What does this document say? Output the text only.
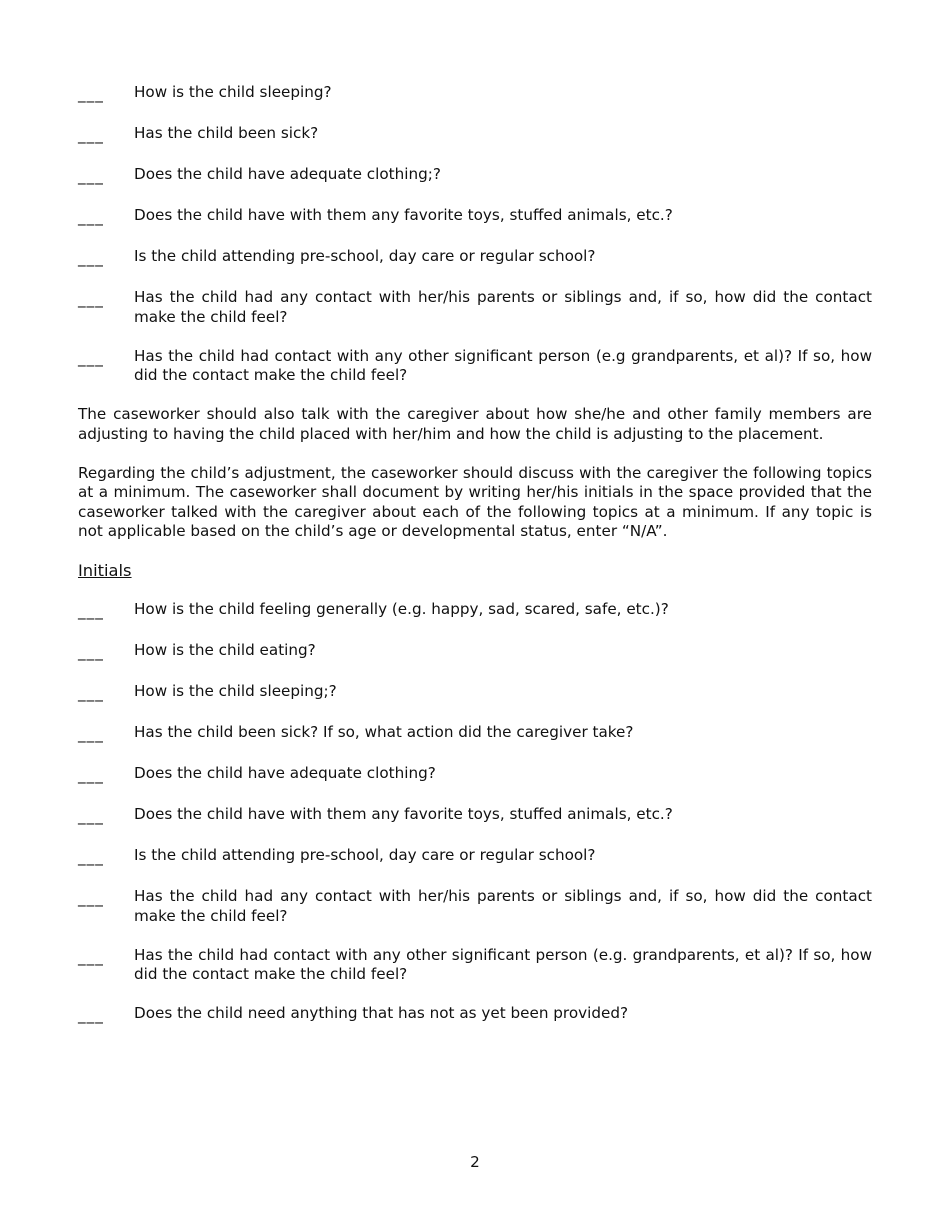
___	How is the child sleeping?
___	Has the child been sick?
___	Does the child have adequate clothing;?
___	Does the child have with them any favorite toys, stuffed animals, etc.?
___	Is the child attending pre-school, day care or regular school?
___	Has the child had any contact with her/his parents or siblings and, if so, how did the contact make the child feel?
___	Has the child had contact with any other significant person (e.g grandparents, et al)? If so, how did the contact make the child feel?

The caseworker should also talk with the caregiver about how she/he and other family members are adjusting to having the child placed with her/him and how the child is adjusting to the placement.

Regarding the child’s adjustment, the caseworker should discuss with the caregiver the following topics at a minimum. The caseworker shall document by writing her/his initials in the space provided that the caseworker talked with the caregiver about each of the following topics at a minimum. If any topic is not applicable based on the child’s age or developmental status, enter “N/A”.

Initials
___	How is the child feeling generally (e.g. happy, sad, scared, safe, etc.)?
___	How is the child eating?
___	How is the child sleeping;?
___	Has the child been sick? If so, what action did the caregiver take?
___	Does the child have adequate clothing?
___	Does the child have with them any favorite toys, stuffed animals, etc.?
___	Is the child attending pre-school, day care or regular school?
___	Has the child had any contact with her/his parents or siblings and, if so, how did the contact make the child feel?
___	Has the child had contact with any other significant person (e.g. grandparents, et al)? If so, how did the contact make the child feel?
___	Does the child need anything that has not as yet been provided?
2
